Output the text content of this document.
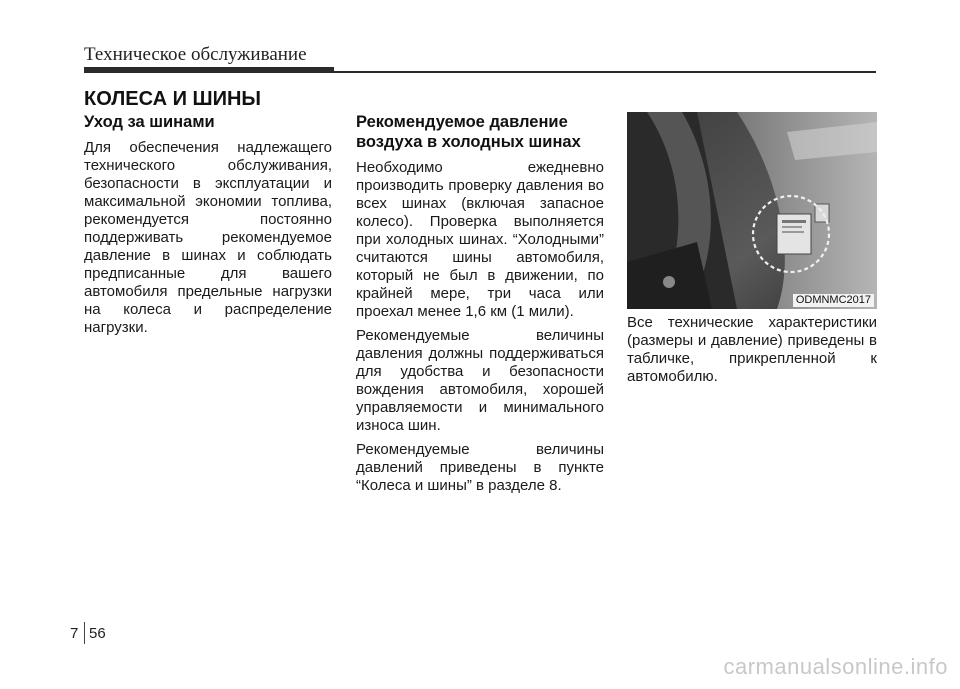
Техническое обслуживание
КОЛЕСА И ШИНЫ
Уход за шинами

Для обеспечения надлежащего технического обслуживания, безопасности в эксплуатации и максимальной экономии топлива, рекомендуется постоянно поддерживать рекомендуемое давление в шинах и соблюдать предписанные для вашего автомобиля предельные нагрузки на колеса и распределение нагрузки.

Рекомендуемое давление воздуха в холодных шинах

Необходимо ежедневно производить проверку давления во всех шинах (включая запасное колесо). Проверка выполняется при холодных шинах. “Холодными” считаются шины автомобиля, который не был в движении, по крайней мере, три часа или проехал менее 1,6 км (1 мили).

Рекомендуемые величины давления должны поддерживаться для удобства и безопасности вождения автомобиля, хорошей управляемости и минимального износа шин.

Рекомендуемые величины давлений приведены в пункте “Колеса и шины” в разделе 8.

ODMNMC2017

Все технические характеристики (размеры и давление) приведены в табличке, прикрепленной к автомобилю.

7 56
carmanualsonline.info
